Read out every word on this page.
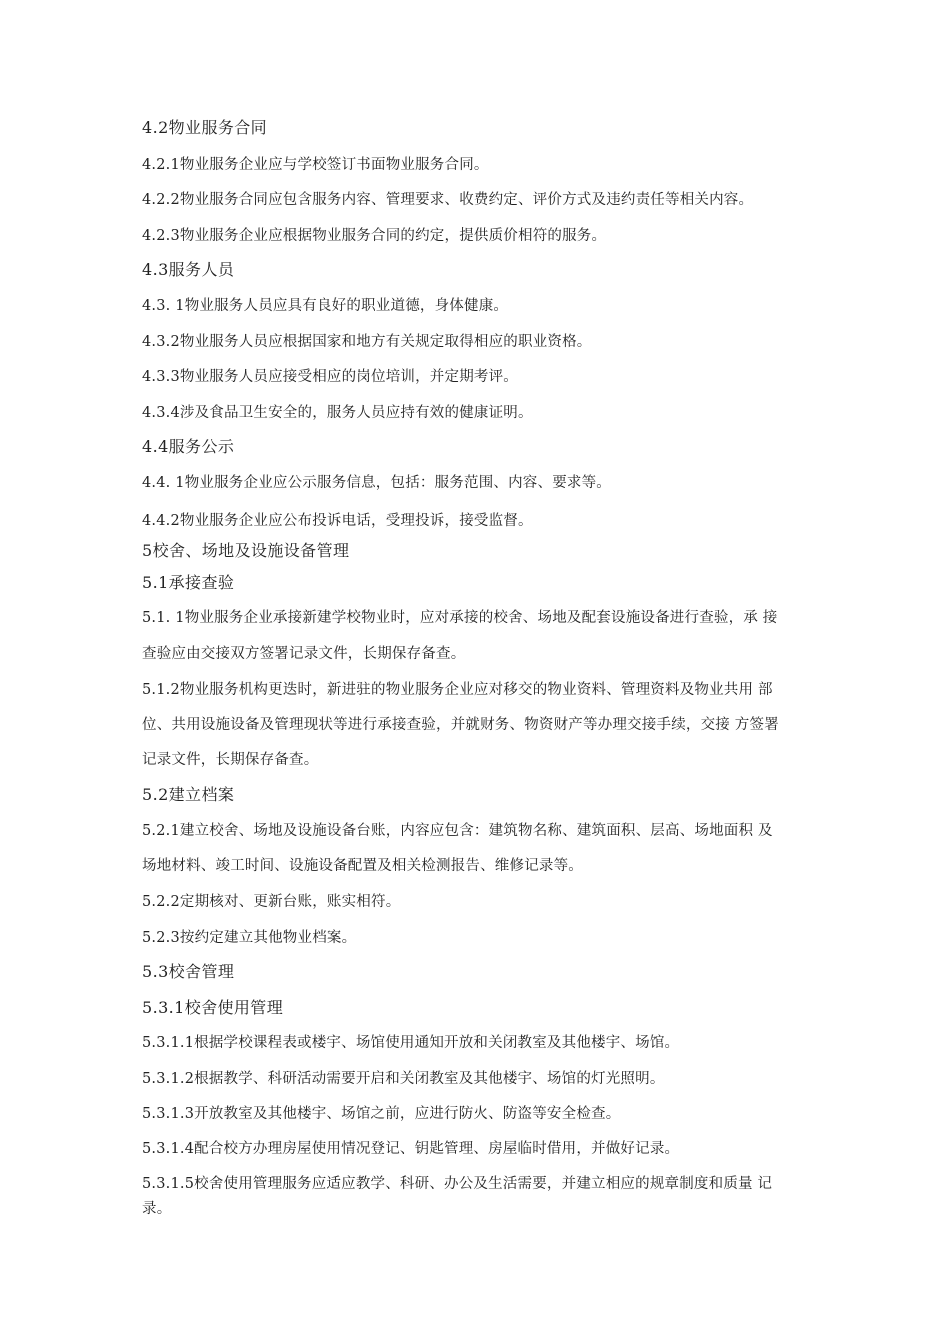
4.2物业服务合同
4.2.1物业服务企业应与学校签订书面物业服务合同。
4.2.2物业服务合同应包含服务内容、管理要求、收费约定、评价方式及违约责任等相关内容。
4.2.3物业服务企业应根据物业服务合同的约定，提供质价相符的服务。
4.3服务人员
4.3. 1物业服务人员应具有良好的职业道德，身体健康。
4.3.2物业服务人员应根据国家和地方有关规定取得相应的职业资格。
4.3.3物业服务人员应接受相应的岗位培训，并定期考评。
4.3.4涉及食品卫生安全的，服务人员应持有效的健康证明。
4.4服务公示
4.4. 1物业服务企业应公示服务信息，包括：服务范围、内容、要求等。
4.4.2物业服务企业应公布投诉电话，受理投诉，接受监督。
5校舍、场地及设施设备管理
5.1承接查验
5.1. 1物业服务企业承接新建学校物业时，应对承接的校舍、场地及配套设施设备进行查验，承 接
查验应由交接双方签署记录文件，长期保存备查。
5.1.2物业服务机构更迭时，新进驻的物业服务企业应对移交的物业资料、管理资料及物业共用 部
位、共用设施设备及管理现状等进行承接查验，并就财务、物资财产等办理交接手续，交接 方签署
记录文件，长期保存备查。
5.2建立档案
5.2.1建立校舍、场地及设施设备台账，内容应包含：建筑物名称、建筑面积、层高、场地面积 及
场地材料、竣工时间、设施设备配置及相关检测报告、维修记录等。
5.2.2定期核对、更新台账，账实相符。
5.2.3按约定建立其他物业档案。
5.3校舍管理
5.3.1校舍使用管理
5.3.1.1根据学校课程表或楼宇、场馆使用通知开放和关闭教室及其他楼宇、场馆。
5.3.1.2根据教学、科研活动需要开启和关闭教室及其他楼宇、场馆的灯光照明。
5.3.1.3开放教室及其他楼宇、场馆之前，应进行防火、防盗等安全检查。
5.3.1.4配合校方办理房屋使用情况登记、钥匙管理、房屋临时借用，并做好记录。
5.3.1.5校舍使用管理服务应适应教学、科研、办公及生活需要，并建立相应的规章制度和质量 记
录。
